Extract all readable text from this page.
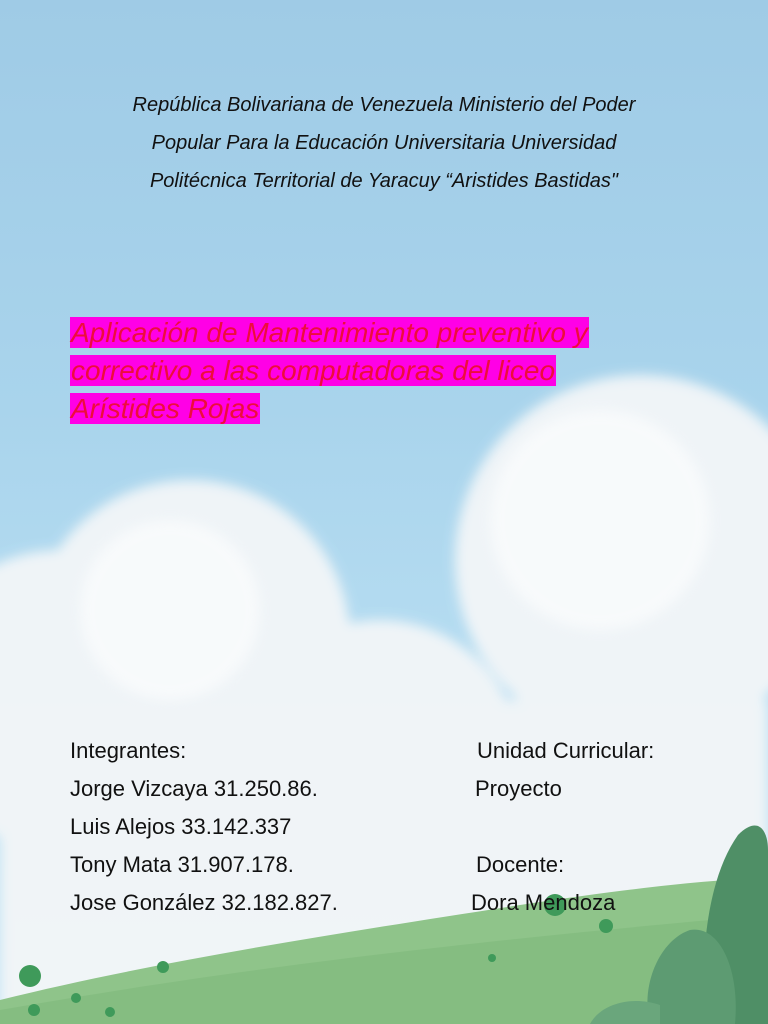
República Bolivariana de Venezuela Ministerio del Poder
Popular Para la Educación Universitaria Universidad
Politécnica Territorial de Yaracuy “Aristides Bastidas"
Aplicación de Mantenimiento preventivo y
correctivo a las computadoras del liceo
Arístides Rojas
Integrantes:
Jorge Vizcaya 31.250.86.
Luis Alejos 33.142.337
Tony Mata 31.907.178.
Jose González 32.182.827.
Unidad Curricular:
Proyecto
Docente:
Dora Mendoza
